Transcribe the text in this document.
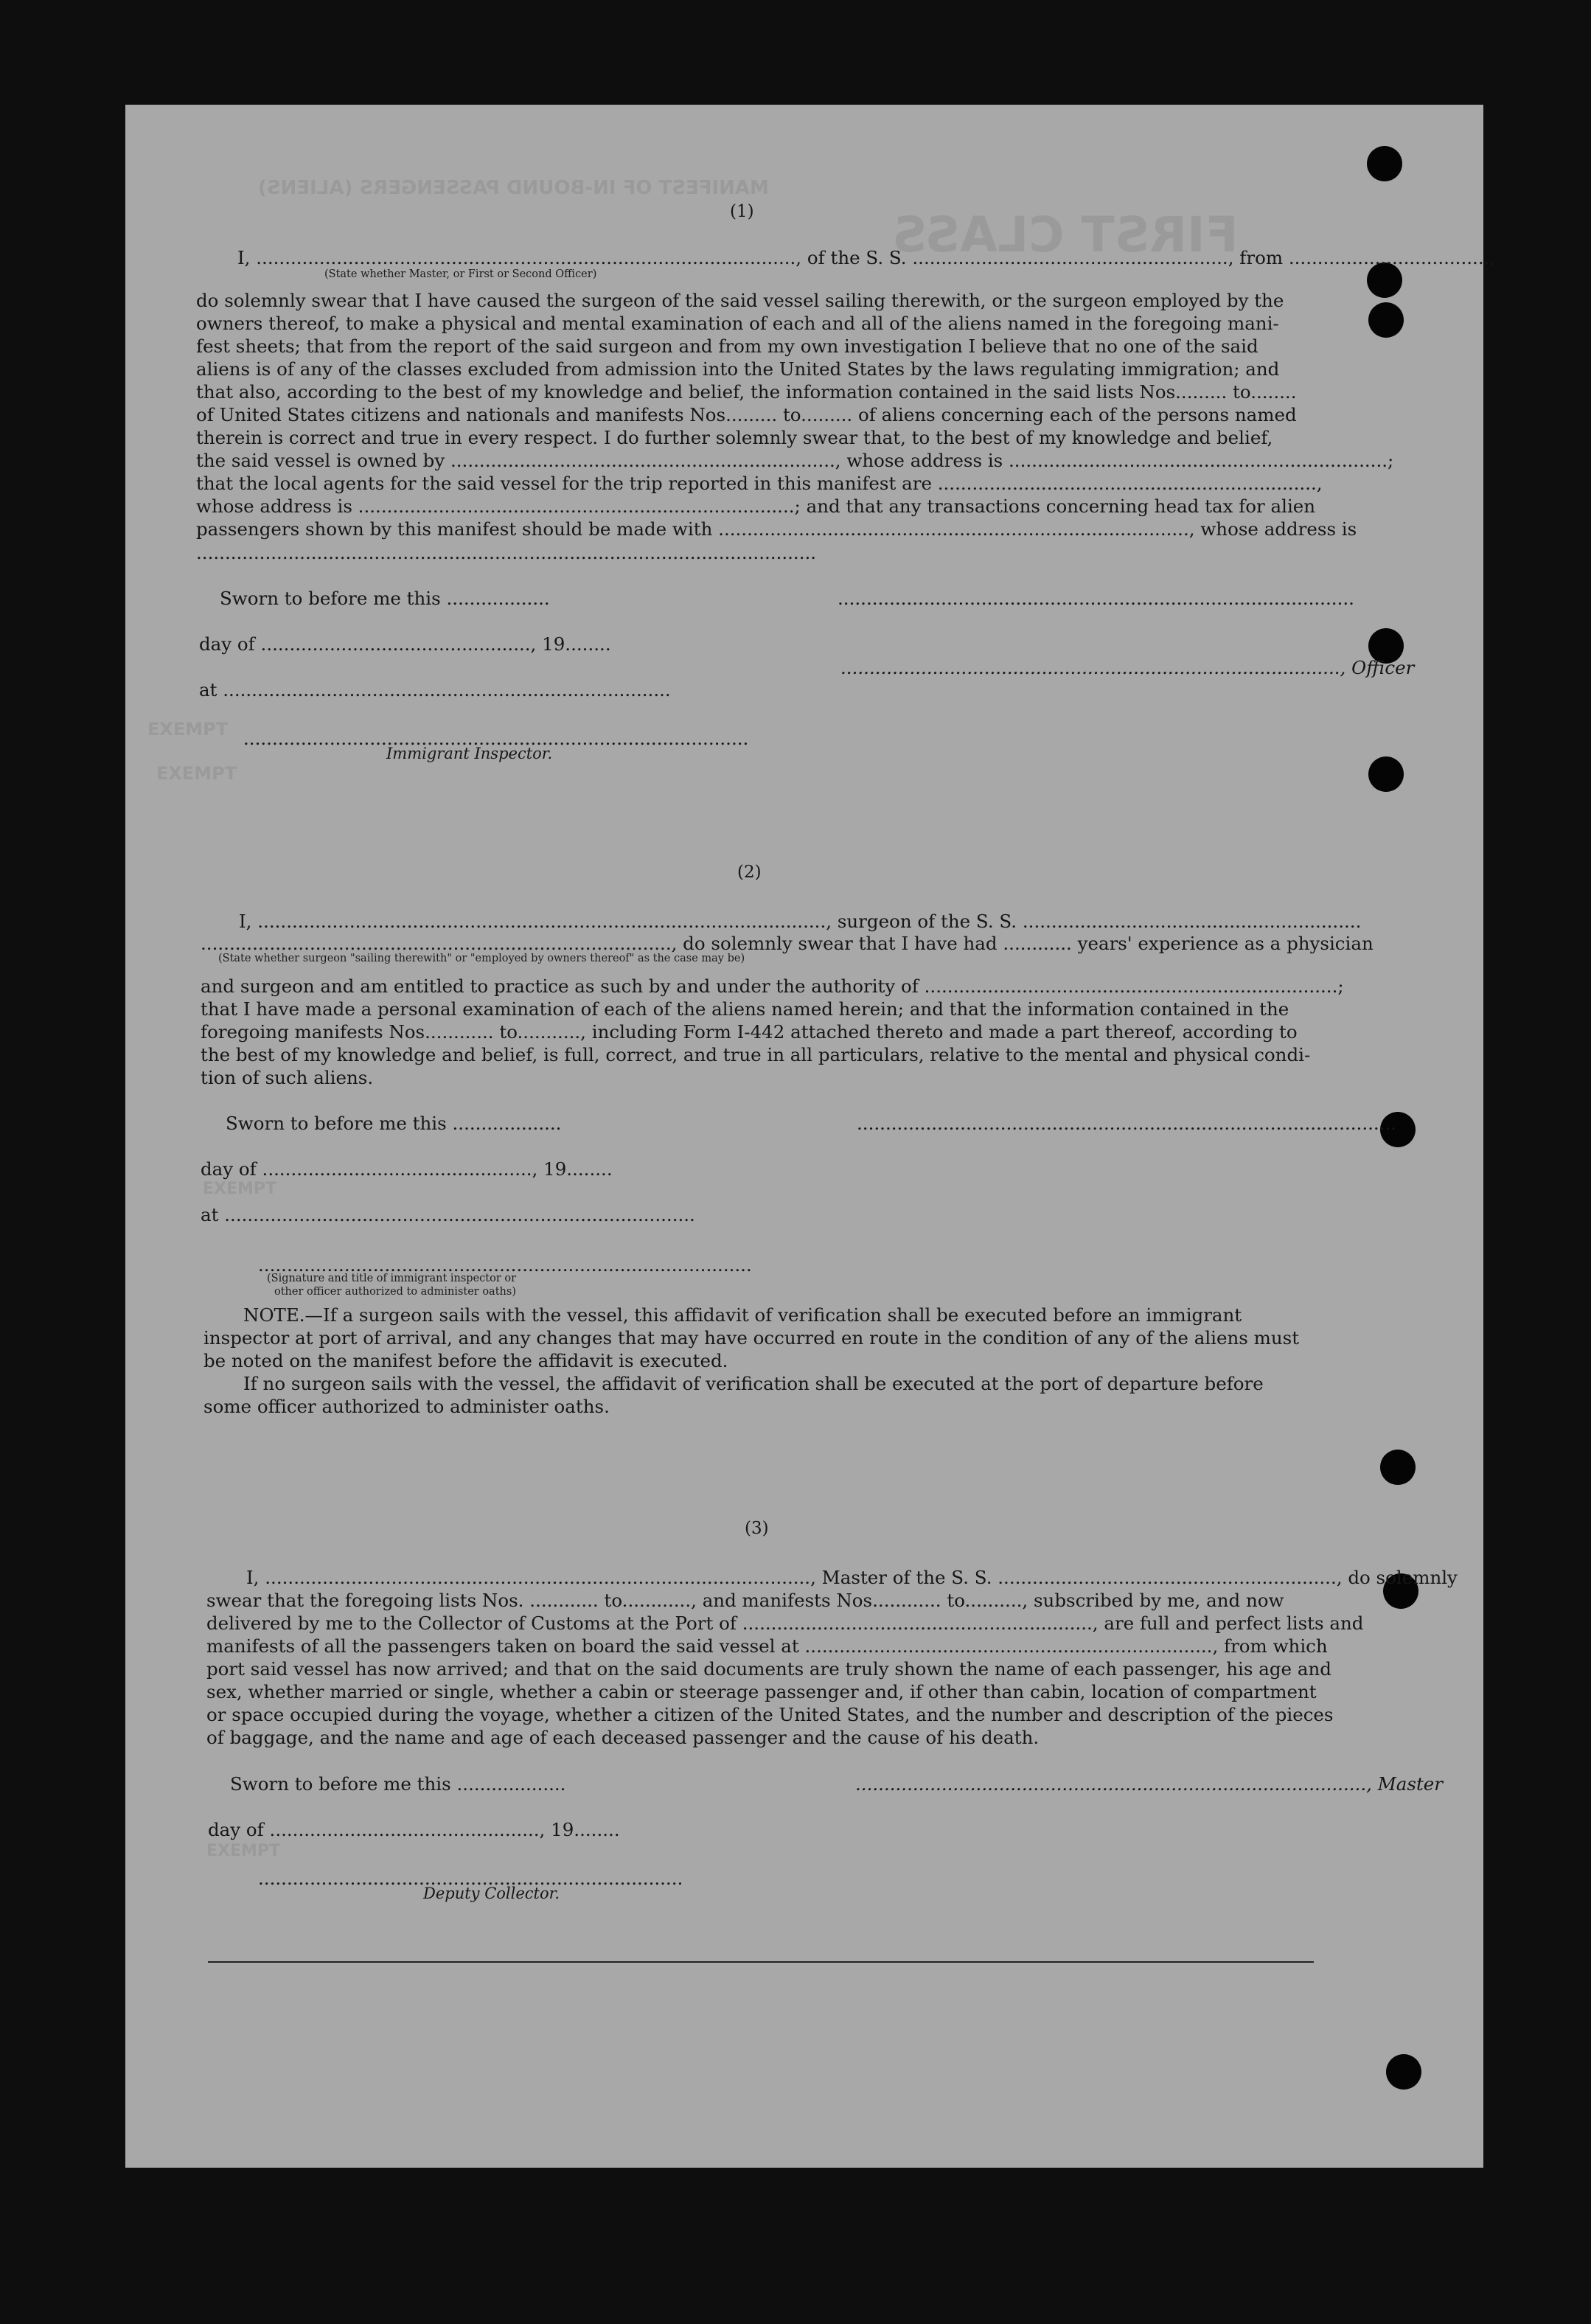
FIRST CLASS
MANIFEST OF IN-BOUND PASSENGERS (ALIENS)
EXEMPT
EXEMPT
EXEMPT
EXEMPT
(1)
I, .............................................................................................., of the S. S. ......................................................., from ...................................,
do solemnly swear that I have caused the surgeon of the said vessel sailing therewith, or the surgeon employed by the
owners thereof, to make a physical and mental examination of each and all of the aliens named in the foregoing mani-
fest sheets; that from the report of the said surgeon and from my own investigation I believe that no one of the said
aliens is of any of the classes excluded from admission into the United States by the laws regulating immigration; and
that also, according to the best of my knowledge and belief, the information contained in the said lists Nos......... to........
of United States citizens and nationals and manifests Nos......... to......... of aliens concerning each of the persons named
therein is correct and true in every respect. I do further solemnly swear that, to the best of my knowledge and belief,
the said vessel is owned by ..................................................................., whose address is ..................................................................;
that the local agents for the said vessel for the trip reported in this manifest are ..................................................................,
whose address is ............................................................................; and that any transactions concerning head tax for alien
passengers shown by this manifest should be made with .................................................................................., whose address is
............................................................................................................
Sworn to before me this ..................	..........................................................................................
day of ..............................................., 19........
at ..............................................................................
......................................................................................., Officer
........................................................................................
(State whether Master, or First or Second Officer)
Immigrant Inspector.
(2)
I, ..................................................................................................., surgeon of the S. S. ...........................................................
.................................................................................., do solemnly swear that I have had ............ years' experience as a physician
and surgeon and am entitled to practice as such by and under the authority of ........................................................................;
that I have made a personal examination of each of the aliens named herein; and that the information contained in the
foregoing manifests Nos............ to..........., including Form I-442 attached thereto and made a part thereof, according to
the best of my knowledge and belief, is full, correct, and true in all particulars, relative to the mental and physical condi-
tion of such aliens.
Sworn to before me this ...................	..............................................................................................
day of ..............................................., 19........
at ..................................................................................
......................................................................................
NOTE.—If a surgeon sails with the vessel, this affidavit of verification shall be executed before an immigrant
inspector at port of arrival, and any changes that may have occurred en route in the condition of any of the aliens must
be noted on the manifest before the affidavit is executed.
If no surgeon sails with the vessel, the affidavit of verification shall be executed at the port of departure before
some officer authorized to administer oaths.
(State whether surgeon "sailing therewith" or "employed by owners thereof" as the case may be)
(Signature and title of immigrant inspector or
other officer authorized to administer oaths)
(3)
I, ..............................................................................................., Master of the S. S. ..........................................................., do solemnly
swear that the foregoing lists Nos. ............ to............, and manifests Nos............ to.........., subscribed by me, and now
delivered by me to the Collector of Customs at the Port of ............................................................., are full and perfect lists and
manifests of all the passengers taken on board the said vessel at ......................................................................., from which
port said vessel has now arrived; and that on the said documents are truly shown the name of each passenger, his age and
sex, whether married or single, whether a cabin or steerage passenger and, if other than cabin, location of compartment
or space occupied during the voyage, whether a citizen of the United States, and the number and description of the pieces
of baggage, and the name and age of each deceased passenger and the cause of his death.
Sworn to before me this ...................	........................................................................................., Master
day of ..............................................., 19........
..........................................................................
Deputy Collector.
